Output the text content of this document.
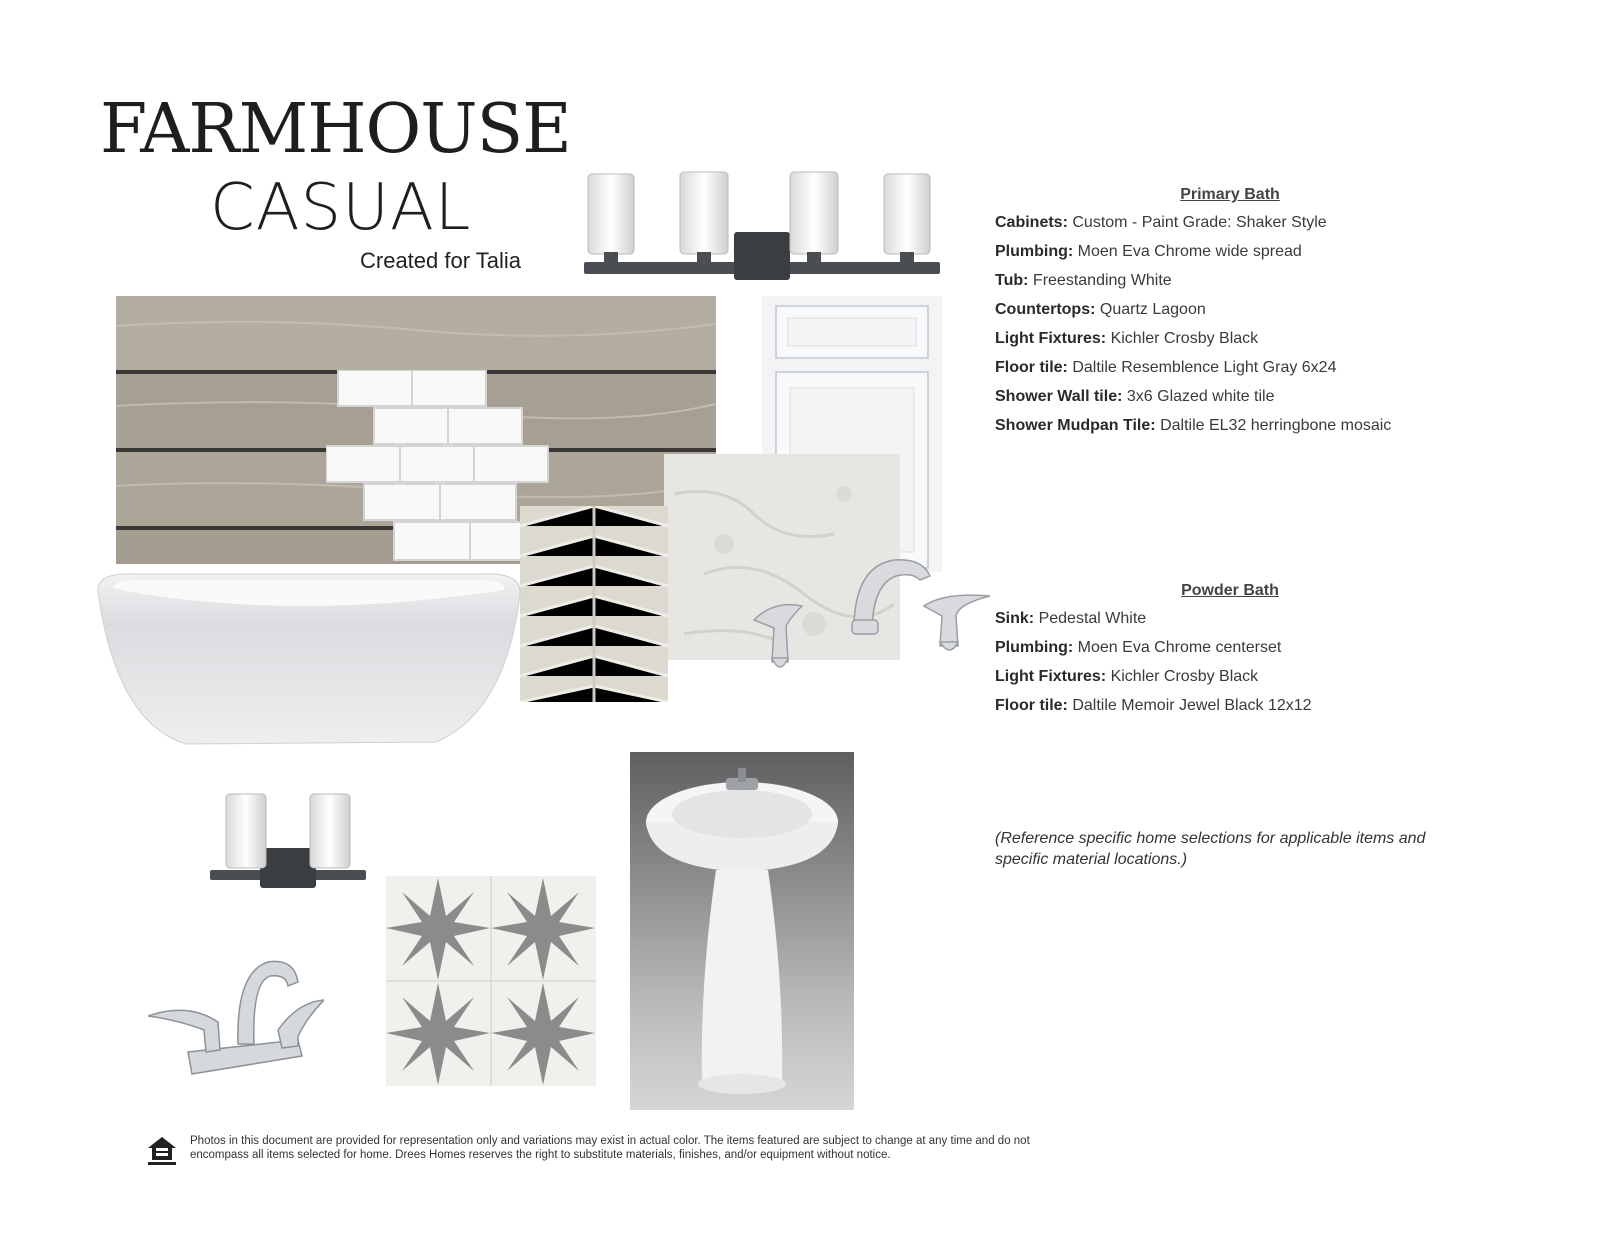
FARMHOUSE
CASUAL
Created for Talia
Primary Bath
Cabinets: Custom - Paint Grade: Shaker Style
Plumbing: Moen Eva Chrome wide spread
Tub: Freestanding White
Countertops: Quartz Lagoon
Light Fixtures: Kichler Crosby Black
Floor tile: Daltile Resemblence Light Gray 6x24
Shower Wall tile: 3x6 Glazed white tile
Shower Mudpan Tile: Daltile EL32 herringbone mosaic
Powder Bath
Sink: Pedestal White
Plumbing: Moen Eva Chrome centerset
Light Fixtures: Kichler Crosby Black
Floor tile: Daltile Memoir Jewel Black 12x12
(Reference specific home selections for applicable items and specific material locations.)
Photos in this document are provided for representation only and variations may exist in actual color. The items featured are subject to change at any time and do not encompass all items selected for home. Drees Homes reserves the right to substitute materials, finishes, and/or equipment without notice.
